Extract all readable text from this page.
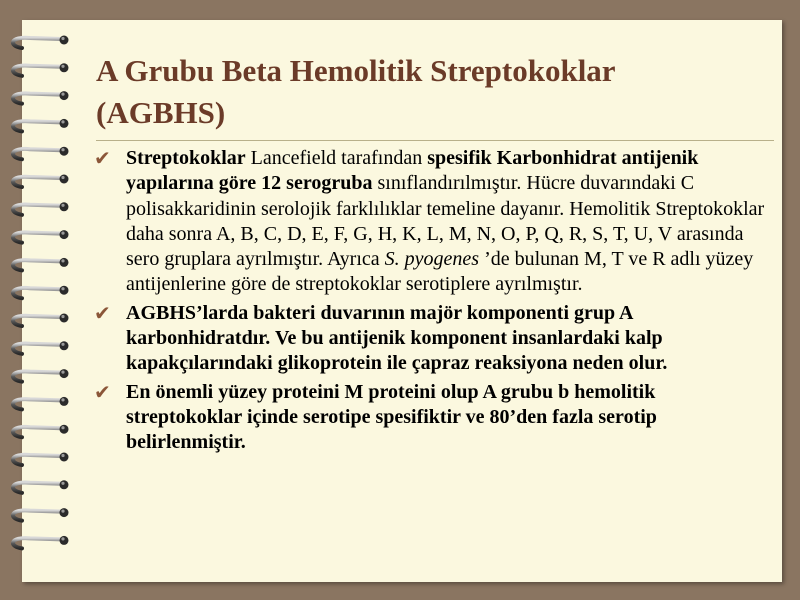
A Grubu Beta Hemolitik Streptokoklar
(AGBHS)
✔ Streptokoklar Lancefield tarafından spesifik Karbonhidrat antijenik yapılarına göre 12 serogruba sınıflandırılmıştır. Hücre duvarındaki C polisakkaridinin serolojik farklılıklar temeline dayanır. Hemolitik Streptokoklar daha sonra A, B, C, D, E, F, G, H, K, L, M, N, O, P, Q, R, S, T, U, V arasında sero gruplara ayrılmıştır. Ayrıca S. pyogenes ’de bulunan M, T ve R adlı yüzey antijenlerine göre de streptokoklar serotiplere ayrılmıştır.
✔ AGBHS’larda bakteri duvarının majör komponenti grup A karbonhidratdır. Ve bu antijenik komponent insanlardaki kalp kapakçılarındaki glikoprotein ile çapraz reaksiyona neden olur.
✔ En önemli yüzey proteini M proteini olup A grubu b hemolitik streptokoklar içinde serotipe spesifiktir ve 80’den fazla serotip belirlenmiştir.
